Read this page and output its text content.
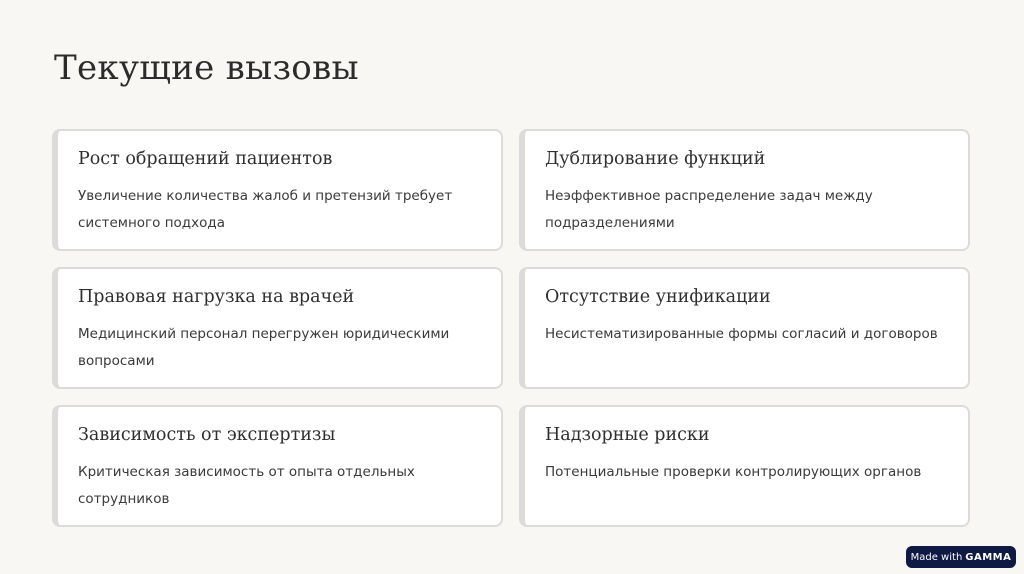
Текущие вызовы

Рост обращений пациентов

Увеличение количества жалоб и претензий требует системного подхода

Дублирование функций

Неэффективное распределение задач между подразделениями

Правовая нагрузка на врачей

Медицинский персонал перегружен юридическими вопросами

Отсутствие унификации

Несистематизированные формы согласий и договоров

Зависимость от экспертизы

Критическая зависимость от опыта отдельных сотрудников

Надзорные риски

Потенциальные проверки контролирующих органов

Made with GAMMA
